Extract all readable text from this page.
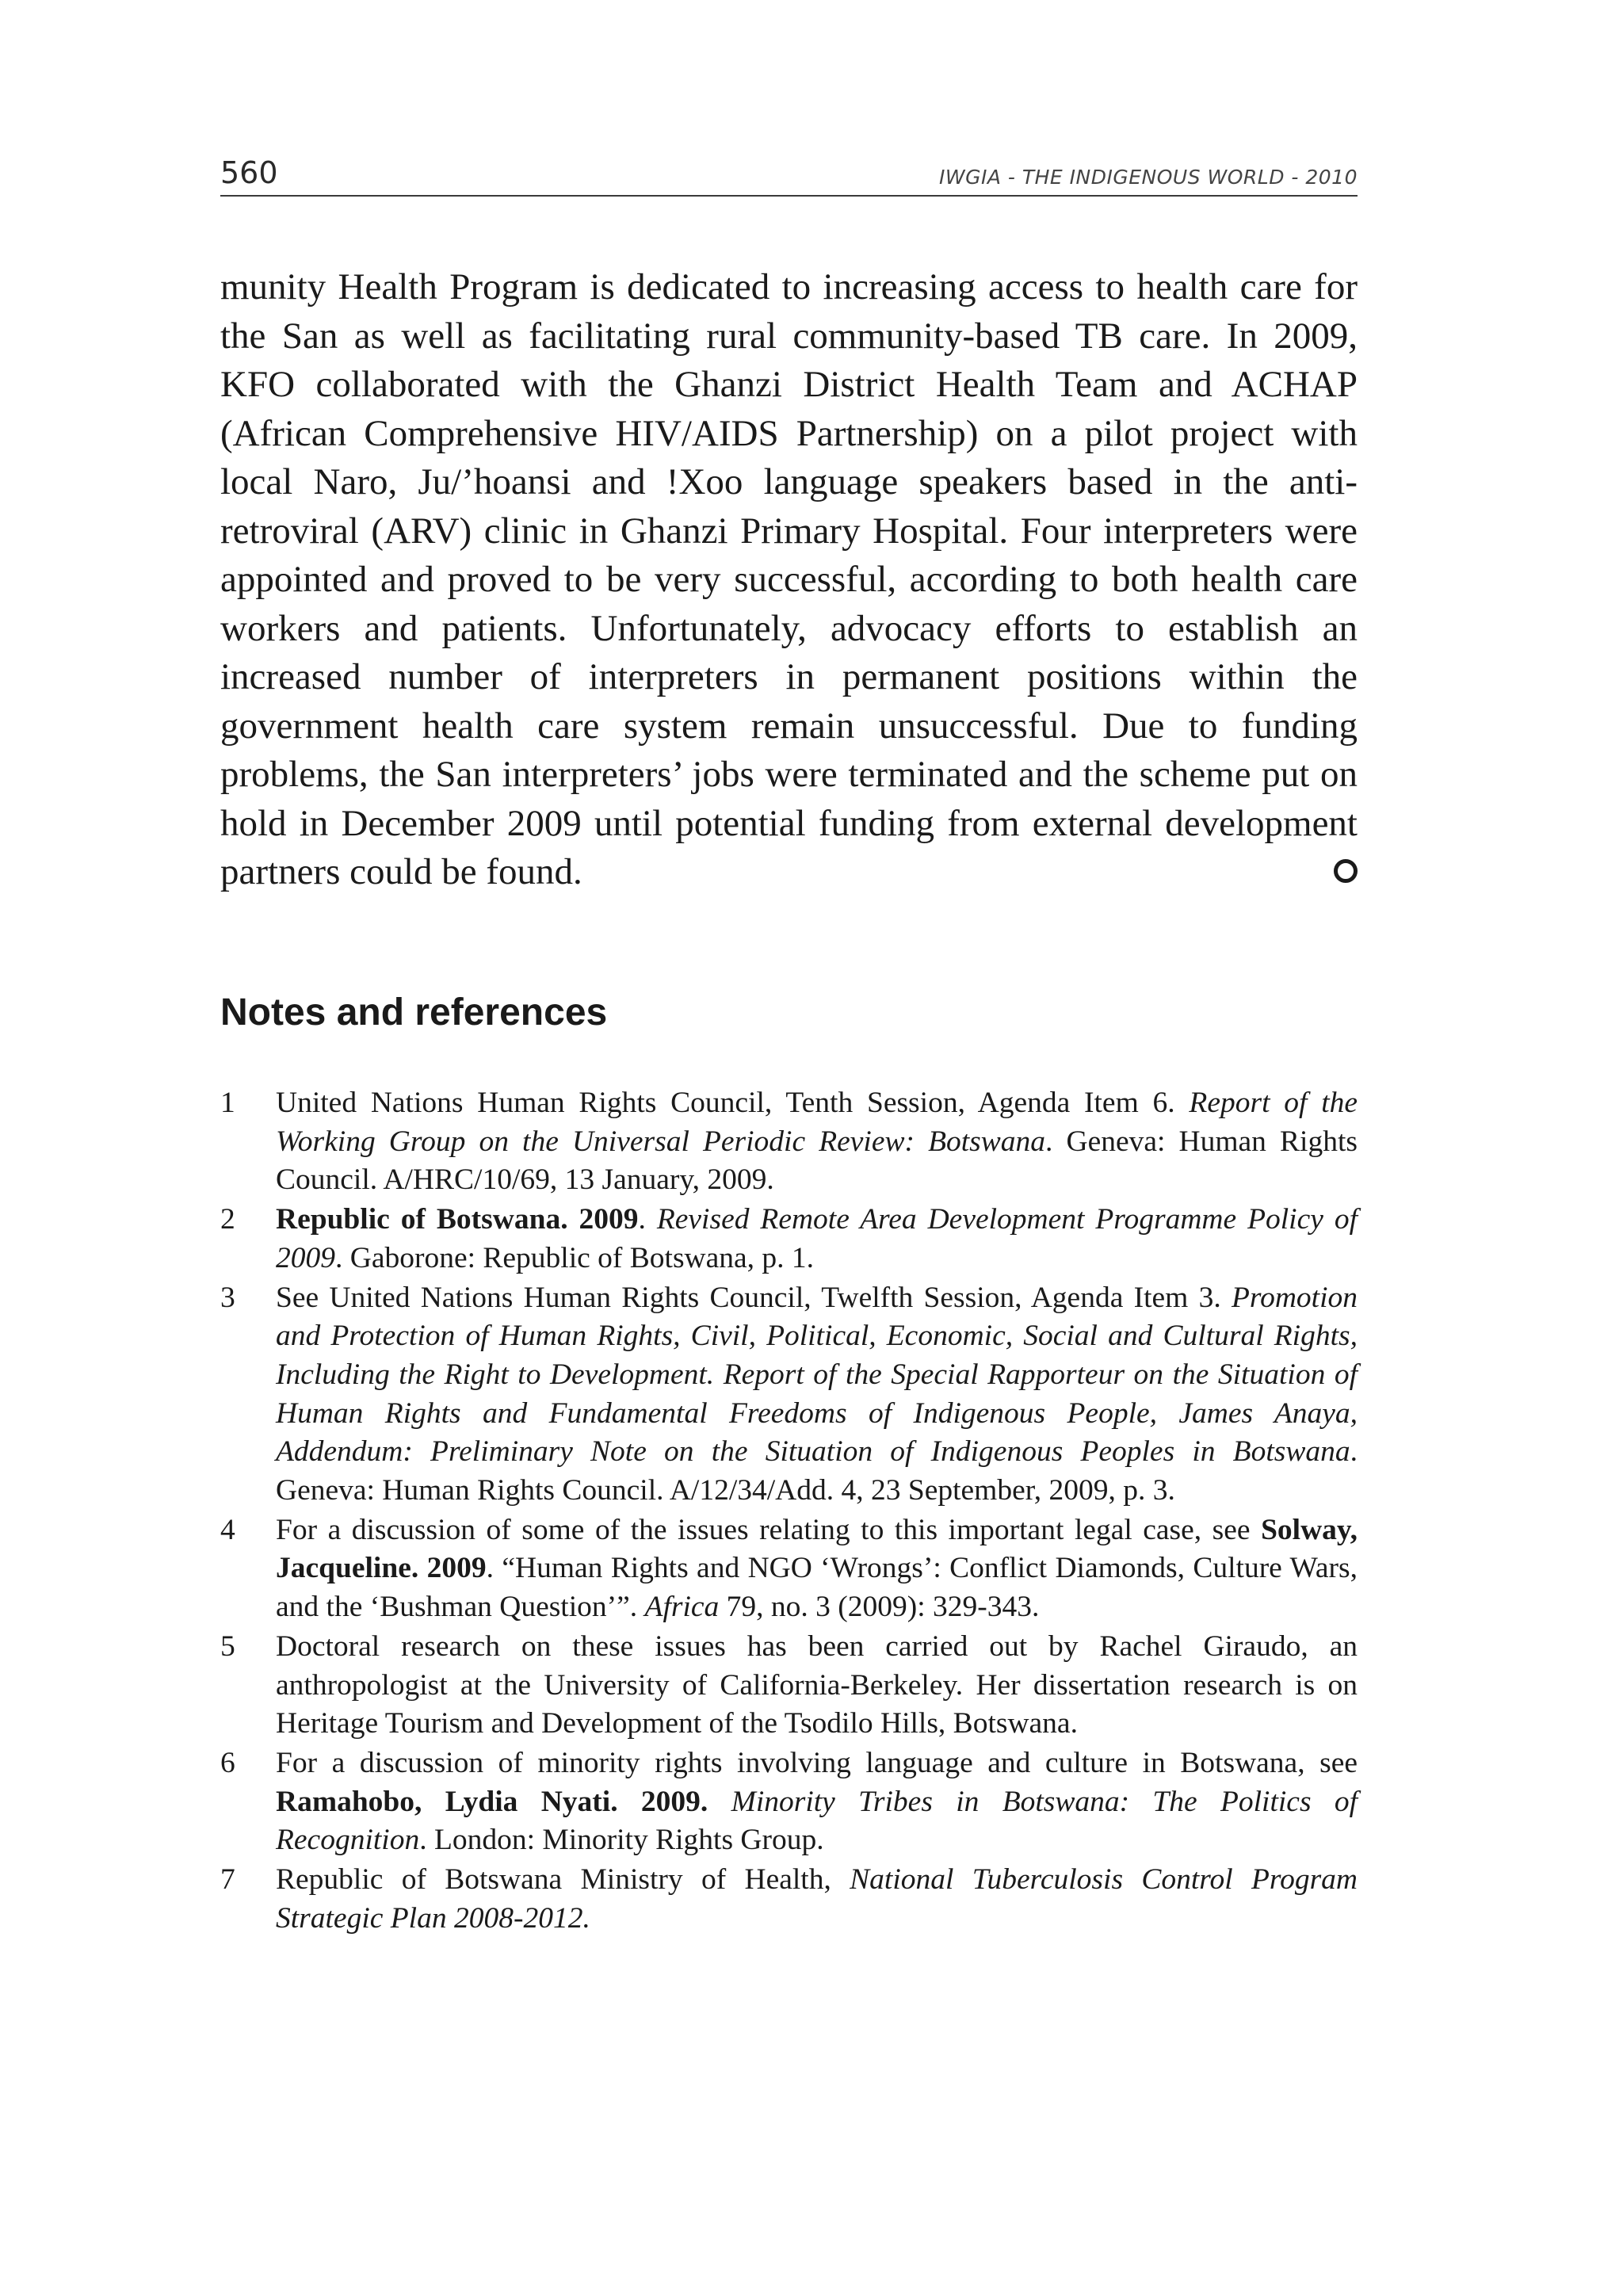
560	IWGIA - THE INDIGENOUS WORLD - 2010

munity Health Program is dedicated to increasing access to health care for the San as well as facilitating rural community-based TB care. In 2009, KFO collaborated with the Ghanzi District Health Team and ACHAP (African Comprehensive HIV/AIDS Partnership) on a pilot project with local Naro, Ju/’hoansi and !Xoo language speakers based in the anti-retroviral (ARV) clinic in Ghanzi Primary Hospital. Four interpreters were appointed and proved to be very successful, according to both health care workers and patients. Unfortunately, advocacy efforts to establish an increased number of interpreters in permanent positions within the government health care system remain unsuccessful. Due to funding problems, the San interpreters’ jobs were terminated and the scheme put on hold in December 2009 until potential funding from external development partners could be found.

Notes and references
1 United Nations Human Rights Council, Tenth Session, Agenda Item 6. Report of the Working Group on the Universal Periodic Review: Botswana. Geneva: Human Rights Council. A/HRC/10/69, 13 January, 2009.
2 Republic of Botswana. 2009. Revised Remote Area Development Programme Policy of 2009. Gaborone: Republic of Botswana, p. 1.
3 See United Nations Human Rights Council, Twelfth Session, Agenda Item 3. Promotion and Protection of Human Rights, Civil, Political, Economic, Social and Cultural Rights, Including the Right to Development. Report of the Special Rapporteur on the Situation of Human Rights and Fundamental Freedoms of Indigenous People, James Anaya, Addendum: Preliminary Note on the Situation of Indigenous Peoples in Botswana. Geneva: Human Rights Council. A/12/34/Add. 4, 23 September, 2009, p. 3.
4 For a discussion of some of the issues relating to this important legal case, see Solway, Jacqueline. 2009. “Human Rights and NGO ‘Wrongs’: Conflict Diamonds, Culture Wars, and the ‘Bushman Question’”. Africa 79, no. 3 (2009): 329-343.
5 Doctoral research on these issues has been carried out by Rachel Giraudo, an anthropologist at the University of California-Berkeley. Her dissertation research is on Heritage Tourism and Development of the Tsodilo Hills, Botswana.
6 For a discussion of minority rights involving language and culture in Botswana, see Ramahobo, Lydia Nyati. 2009. Minority Tribes in Botswana: The Politics of Recognition. London: Minority Rights Group.
7 Republic of Botswana Ministry of Health, National Tuberculosis Control Program Strategic Plan 2008-2012.
